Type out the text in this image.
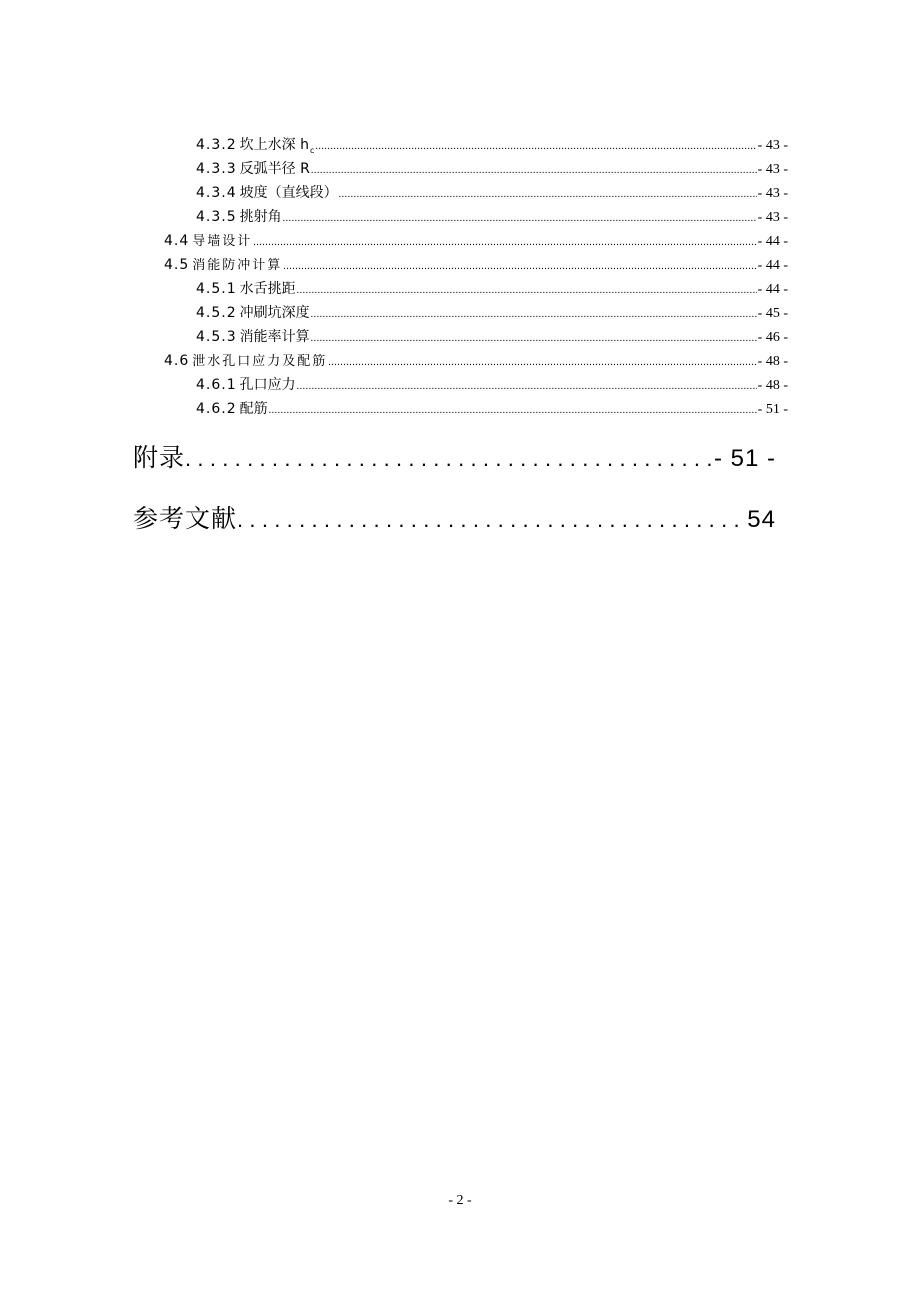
4.3.2 坎上水深 $h_c$ .....	- 43 -
4.3.3 反弧半径 R .....	- 43 -
4.3.4 坡度（直线段） .....	- 43 -
4.3.5 挑射角 .....	- 43 -
4.4 导墙设计 .....	- 44 -
4.5 消能防冲计算 .....	- 44 -
4.5.1 水舌挑距 .....	- 44 -
4.5.2 冲刷坑深度 .....	- 45 -
4.5.3 消能率计算 .....	- 46 -
4.6 泄水孔口应力及配筋 .....	- 48 -
4.6.1 孔口应力 .....	- 48 -
4.6.2 配筋 .....	- 51 -
附录 .....	- 51 -
参考文献 .....	54
- 2 -
